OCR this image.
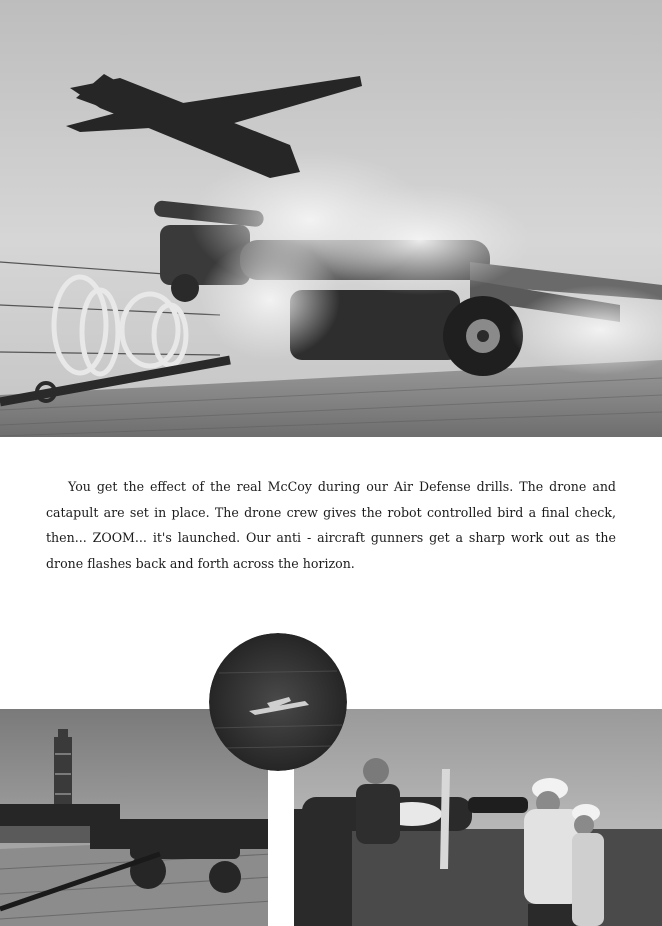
You get the effect of the real McCoy during our Air Defense drills. The drone and catapult are set in place. The drone crew gives the robot controlled bird a final check, then... ZOOM... it's launched. Our anti - aircraft gunners get a sharp work out as the drone flashes back and forth across the horizon.
